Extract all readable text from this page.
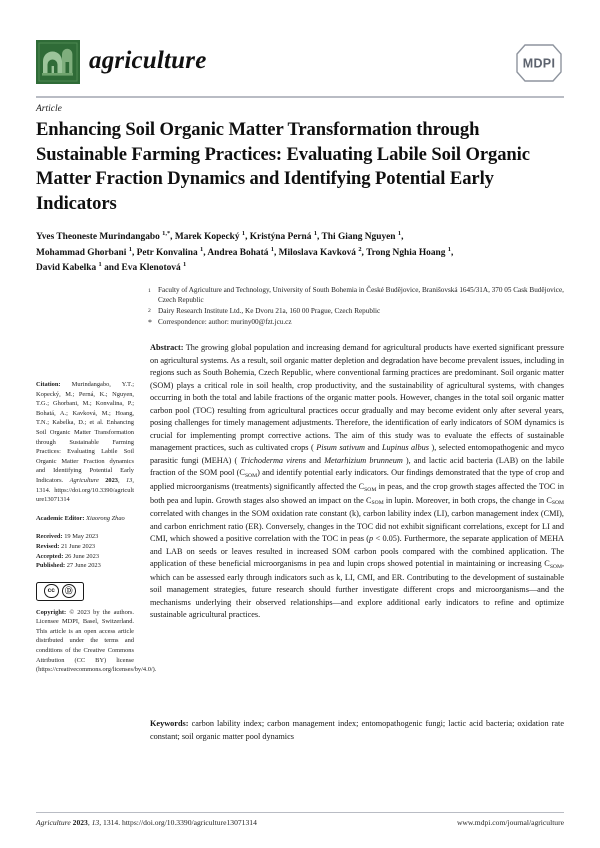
agriculture	MDPI
Article
Enhancing Soil Organic Matter Transformation through Sustainable Farming Practices: Evaluating Labile Soil Organic Matter Fraction Dynamics and Identifying Potential Early Indicators
Yves Theoneste Murindangabo $^{1,*}$, Marek Kopecký $^1$, Kristýna Perná $^1$, Thi Giang Nguyen $^1$,
Mohammad Ghorbani $^1$, Petr Konvalina $^1$, Andrea Bohatá $^1$, Miloslava Kavková $^2$, Trong Nghia Hoang $^1$,
David Kabelka $^1$ and Eva Klenotová $^1$
1	Faculty of Agriculture and Technology, University of South Bohemia in České Budějovice, Branišovská 1645/31A, 370 05 Cask Budějovice, Czech Republic
2	Dairy Research Institute Ltd., Ke Dvoru 21a, 160 00 Prague, Czech Republic
* Correspondence: author: muriny00@fzt.jcu.cz
Citation: Murindangabo, Y.T.; Kopecký, M.; Perná, K.; Nguyen, T.G.; Ghorbani, M.; Konvalina, P.; Bohatá, A.; Kavková, M.; Hoang, T.N.; Kabelka, D.; et al. Enhancing Soil Organic Matter Transformation through Sustainable Farming Practices: Evaluating Labile Soil Organic Matter Fraction dynamics and Identifying Potential Early Indicators. Agriculture 2023, 13, 1314. https://doi.org/10.3390/agriculture13071314
Academic Editor: Xiaorong Zhao
Received: 19 May 2023
Revised: 21 June 2023
Accepted: 26 June 2023
Published: 27 June 2023
cc	Ⓓ
Copyright: © 2023 by the authors. Licensee MDPI, Basel, Switzerland. This article is an open access article distributed under the terms and conditions of the Creative Commons Attribution (CC BY) license (https://creativecommons.org/licenses/by/4.0/).
Abstract: The growing global population and increasing demand for agricultural products have exerted significant pressure on agricultural systems. As a result, soil organic matter depletion and degradation have become prevalent issues, including in regions such as South Bohemia, Czech Republic, where conventional farming practices are predominant. Soil organic matter (SOM) plays a critical role in soil health, crop productivity, and the sustainability of agricultural systems, with changes occurring in both the total and labile fractions of the organic matter pools. However, changes in the total soil organic matter carbon pool (TOC) resulting from agricultural practices occur gradually and may become evident only after several years, posing challenges for timely management adjustments. Therefore, the identification of early indicators of SOM dynamics is crucial for implementing prompt corrective actions. The aim of this study was to evaluate the effects of sustainable management practices, such as cultivated crops ( Pisum sativum and Lupinus albus ), selected entomopathogenic and myco parasitic fungi (MEHA) ( Trichoderma virens and Metarhizium brunneum ), and lactic acid bacteria (LAB) on the labile fraction of the SOM pool $(C_{SOM})$ and identify potential early indicators. Our findings demonstrated that the type of crop and applied microorganisms (treatments) significantly affected the $C_{SOM}$ in peas, and the crop growth stages affected the TOC in both pea and lupin. Growth stages also showed an impact on the $C_{SOM}$ in lupin. Moreover, in both crops, the change in $C_{SOM}$ correlated with changes in the SOM oxidation rate constant (k), carbon lability index (LI), carbon management index (CMI), and carbon enrichment ratio (ER). Conversely, changes in the TOC did not exhibit significant correlations, except for LI and CMI, which showed a positive correlation with the TOC in peas (p < 0.05). Furthermore, the separate application of MEHA and LAB on seeds or leaves resulted in increased SOM carbon pools compared with the combined application. The application of these beneficial microorganisms in pea and lupin crops showed potential in maintaining or increasing $C_{SOM}$, which can be assessed early through indicators such as k, LI, CMI, and ER. Contributing to the development of sustainable soil management strategies, future research should further investigate different crops and microorganisms—and the mechanisms underlying their observed relationships—and explore additional early indicators to refine and optimize sustainable agricultural practices.
Keywords: carbon lability index; carbon management index; entomopathogenic fungi; lactic acid bacteria; oxidation rate constant; soil organic matter pool dynamics
Agriculture 2023, 13, 1314. https://doi.org/10.3390/agriculture13071314	www.mdpi.com/journal/agriculture
